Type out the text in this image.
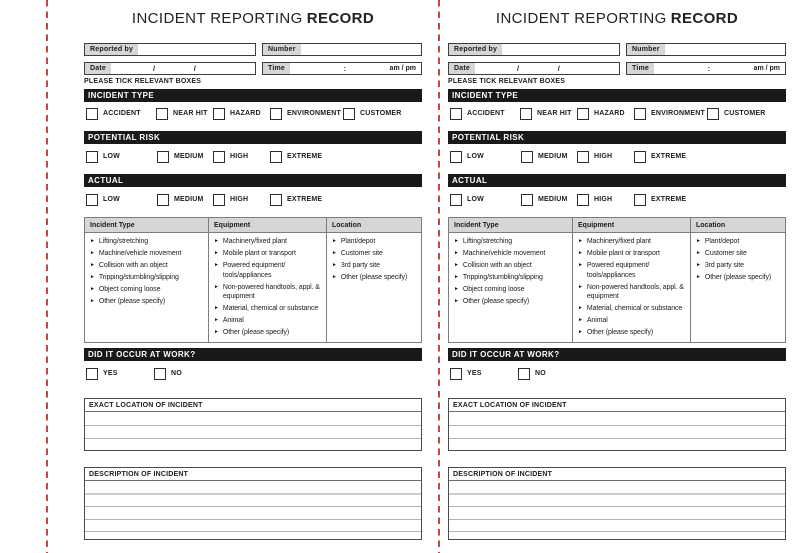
INCIDENT REPORTING RECORD
Reported by	Number
Date	/	/	Time	:	am / pm
PLEASE TICK RELEVANT BOXES
INCIDENT TYPE
ACCIDENT	NEAR HIT	HAZARD	ENVIRONMENT	CUSTOMER
POTENTIAL RISK
LOW	MEDIUM	HIGH	EXTREME
ACTUAL
LOW	MEDIUM	HIGH	EXTREME
Incident Type
► Lifting/stretching
► Machine/vehicle movement
► Collision with an object
► Tripping/stumbling/slipping
► Object coming loose
► Other (please specify)
Equipment
► Machinery/fixed plant
► Mobile plant or transport
► Powered equipment/ tools/appliances
► Non-powered handtools, appl. & equipment
► Material, chemical or substance
► Animal
► Other (please specify)
Location
► Plant/depot
► Customer site
► 3rd party site
► Other (please specify)
DID IT OCCUR AT WORK?
YES	NO
EXACT LOCATION OF INCIDENT
DESCRIPTION OF INCIDENT
INCIDENT REPORTING RECORD
Reported by	Number
Date	/	/	Time	:	am / pm
PLEASE TICK RELEVANT BOXES
INCIDENT TYPE
ACCIDENT	NEAR HIT	HAZARD	ENVIRONMENT	CUSTOMER
POTENTIAL RISK
LOW	MEDIUM	HIGH	EXTREME
ACTUAL
LOW	MEDIUM	HIGH	EXTREME
Incident Type
► Lifting/stretching
► Machine/vehicle movement
► Collision with an object
► Tripping/stumbling/slipping
► Object coming loose
► Other (please specify)
Equipment
► Machinery/fixed plant
► Mobile plant or transport
► Powered equipment/ tools/appliances
► Non-powered handtools, appl. & equipment
► Material, chemical or substance
► Animal
► Other (please specify)
Location
► Plant/depot
► Customer site
► 3rd party site
► Other (please specify)
DID IT OCCUR AT WORK?
YES	NO
EXACT LOCATION OF INCIDENT
DESCRIPTION OF INCIDENT
